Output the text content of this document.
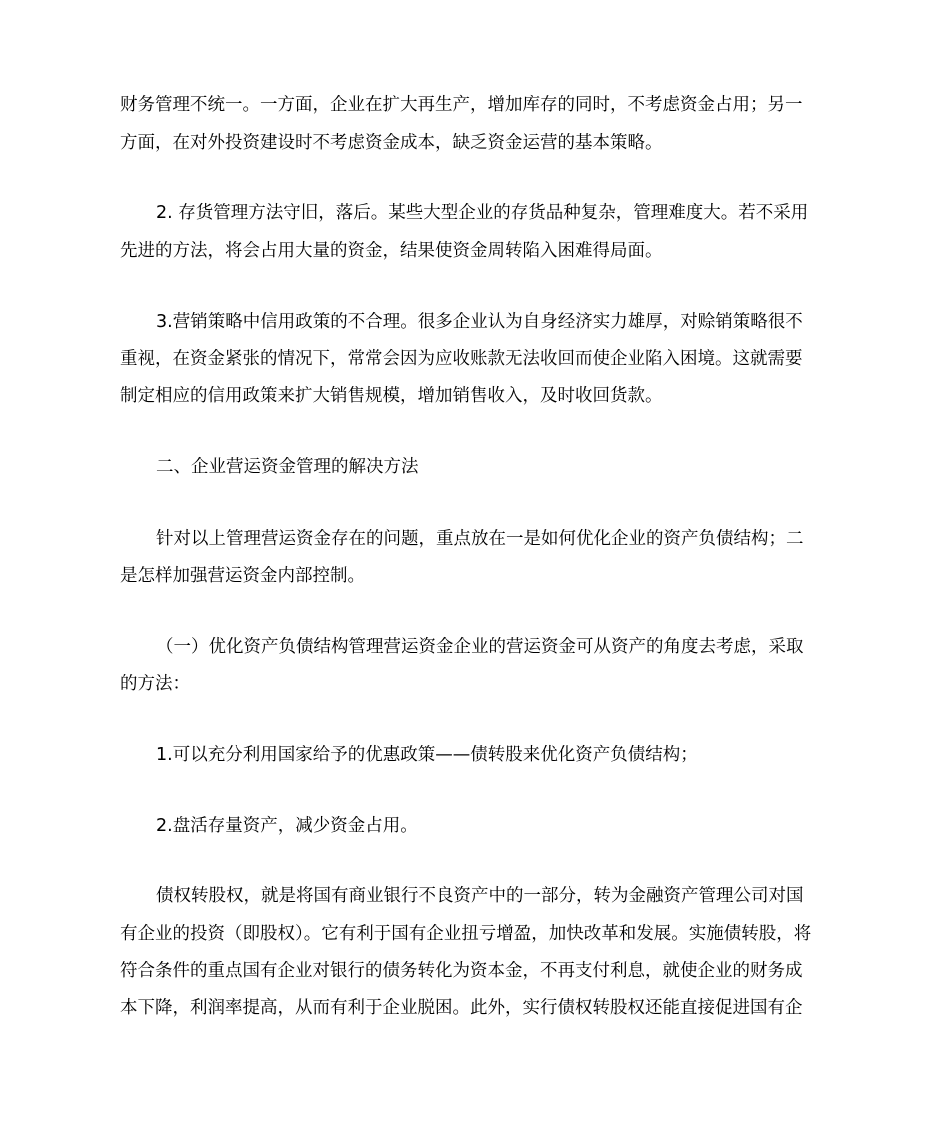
财务管理不统一。一方面，企业在扩大再生产，增加库存的同时，不考虑资金占用；另一
方面，在对外投资建设时不考虑资金成本，缺乏资金运营的基本策略。
2. 存货管理方法守旧，落后。某些大型企业的存货品种复杂，管理难度大。若不采用
先进的方法，将会占用大量的资金，结果使资金周转陷入困难得局面。
3.营销策略中信用政策的不合理。很多企业认为自身经济实力雄厚，对赊销策略很不
重视，在资金紧张的情况下，常常会因为应收账款无法收回而使企业陷入困境。这就需要
制定相应的信用政策来扩大销售规模，增加销售收入，及时收回货款。
二、企业营运资金管理的解决方法
针对以上管理营运资金存在的问题，重点放在一是如何优化企业的资产负债结构；二
是怎样加强营运资金内部控制。
（一）优化资产负债结构管理营运资金企业的营运资金可从资产的角度去考虑，采取
的方法：
1.可以充分利用国家给予的优惠政策——债转股来优化资产负债结构；
2.盘活存量资产，减少资金占用。
债权转股权，就是将国有商业银行不良资产中的一部分，转为金融资产管理公司对国
有企业的投资（即股权）。它有利于国有企业扭亏增盈，加快改革和发展。实施债转股，将
符合条件的重点国有企业对银行的债务转化为资本金，不再支付利息，就使企业的财务成
本下降，利润率提高，从而有利于企业脱困。此外，实行债权转股权还能直接促进国有企
